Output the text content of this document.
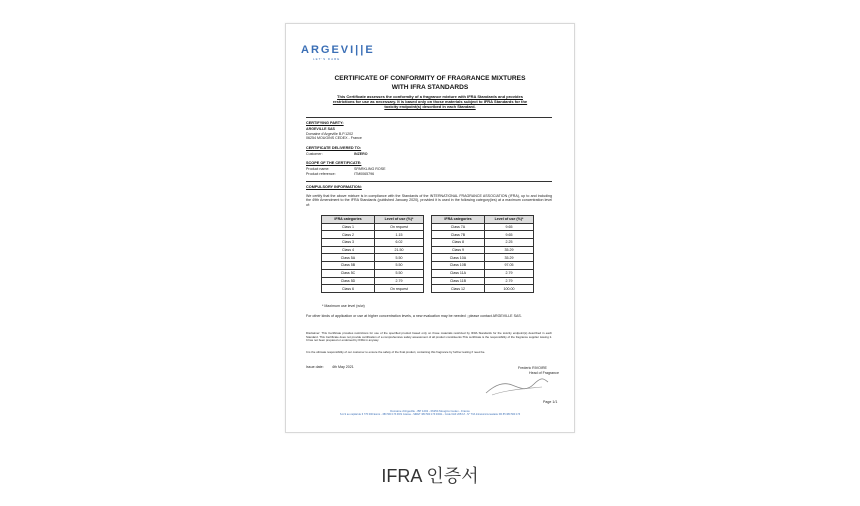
ARGEVI||E
LET'S DARE
CERTIFICATE OF CONFORMITY OF FRAGRANCE MIXTURES
WITH IFRA STANDARDS
This Certificate assesses the conformity of a fragrance mixture with IFRA Standards and provides restrictions for use as necessary. It is based only on those materials subject to IFRA Standards for the toxicity endpoint(s) described in each Standard.
CERTIFYING PARTY:
ARGEVILLE SAS
Domaine d'Argeville B.P.1202
06254 MOUGINS CEDEX - France
CERTIFICATE DELIVERED TO:
Customer:	INZERO
SCOPE OF THE CERTIFICATE:
Product name:	SPARKLING ROSE
Product reference:	ITM0065796
COMPULSORY INFORMATION:
We certify that the above mixture is in compliance with the Standards of the INTERNATIONAL FRAGRANCE ASSOCIATION (IFRA), up to and including the 49th Amendment to the IFRA Standards (published January 2020), provided it is used in the following category(ies) at a maximum concentration level of:
IFRA categories	Level of use (%)*
Class 1	On request
Class 2	1.15
Class 3	6.02
Class 4	21.50
Class 5A	5.50
Class 5B	5.50
Class 5C	5.50
Class 5D	2.79
Class 6	On request
IFRA categories	Level of use (%)*
Class 7A	9.65
Class 7B	9.65
Class 8	2.25
Class 9	35.29
Class 10A	35.29
Class 10B	97.05
Class 11A	2.79
Class 11B	2.79
Class 12	100.00
* Maximum use level (w/w)
For other kinds of application or use at higher concentration levels, a new evaluation may be needed ; please contact ARGEVILLE SAS.
Disclaimer: This Certificate provides restrictions for use of the specified product based only on those materials restricted by IFRA Standards for the toxicity endpoint(s) described in each Standard. This Certificate does not provide certification of a comprehensive safety assessment of all product constituents.This certificate is the responsibility of the fragrance supplier issuing it. It has not been prepared or endorsed by IFRA in anyway.
It is the ultimate responsibility of our customer to ensure the safety of the final product, containing this fragrance by further testing if need be.
Issue date: 4th May 2021	Frederic RIVOIRE
Head of Fragrance
Page 1/1
Domaine d'Argeville - BP 1202 - 06254 Mougins Cedex - France
S.A.S au capital de 6 776 000 Euros - 380 560 173 RCS Grasse - SIRET 380 560 173 00011 - Code NAF 2053 Z - N° TVA Intracommunautaire FR 85 380 560 173
IFRA 인증서
